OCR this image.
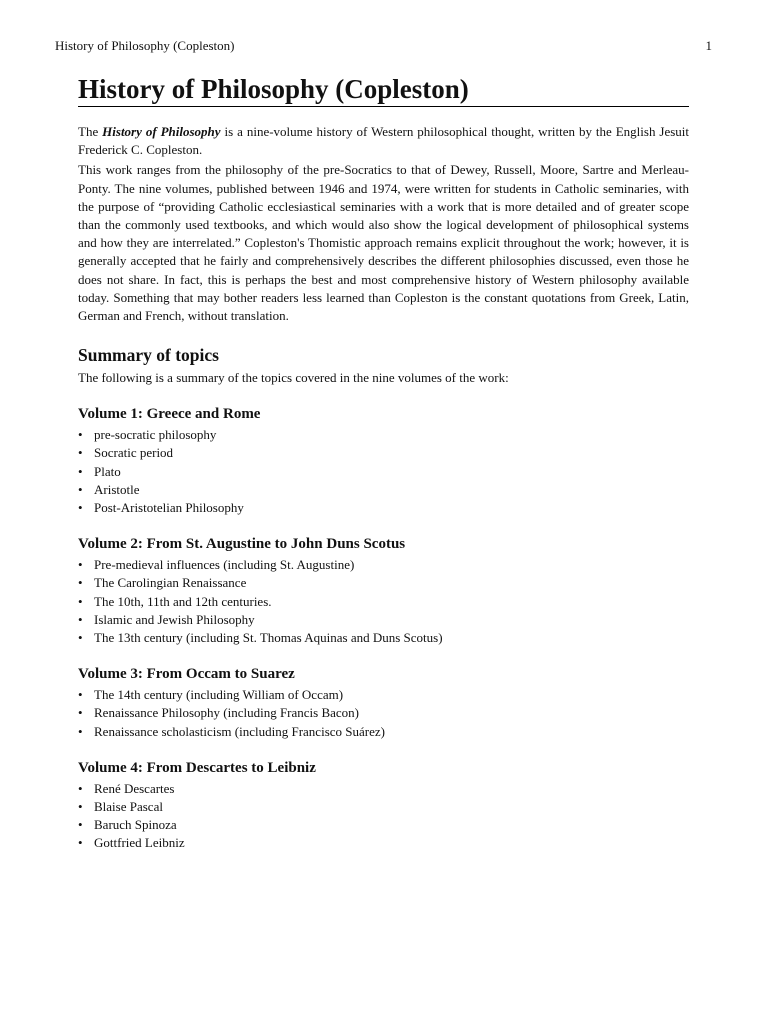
History of Philosophy (Copleston)	1
History of Philosophy (Copleston)

The History of Philosophy is a nine-volume history of Western philosophical thought, written by the English Jesuit Frederick C. Copleston.

This work ranges from the philosophy of the pre-Socratics to that of Dewey, Russell, Moore, Sartre and Merleau-Ponty. The nine volumes, published between 1946 and 1974, were written for students in Catholic seminaries, with the purpose of “providing Catholic ecclesiastical seminaries with a work that is more detailed and of greater scope than the commonly used textbooks, and which would also show the logical development of philosophical systems and how they are interrelated.” Copleston's Thomistic approach remains explicit throughout the work; however, it is generally accepted that he fairly and comprehensively describes the different philosophies discussed, even those he does not share. In fact, this is perhaps the best and most comprehensive history of Western philosophy available today. Something that may bother readers less learned than Copleston is the constant quotations from Greek, Latin, German and French, without translation.

Summary of topics
The following is a summary of the topics covered in the nine volumes of the work:
Volume 1: Greece and Rome
• pre-socratic philosophy
• Socratic period
• Plato
• Aristotle
• Post-Aristotelian Philosophy
Volume 2: From St. Augustine to John Duns Scotus
• Pre-medieval influences (including St. Augustine)
• The Carolingian Renaissance
• The 10th, 11th and 12th centuries.
• Islamic and Jewish Philosophy
• The 13th century (including St. Thomas Aquinas and Duns Scotus)
Volume 3: From Occam to Suarez
• The 14th century (including William of Occam)
• Renaissance Philosophy (including Francis Bacon)
• Renaissance scholasticism (including Francisco Suárez)
Volume 4: From Descartes to Leibniz
• René Descartes
• Blaise Pascal
• Baruch Spinoza
• Gottfried Leibniz
